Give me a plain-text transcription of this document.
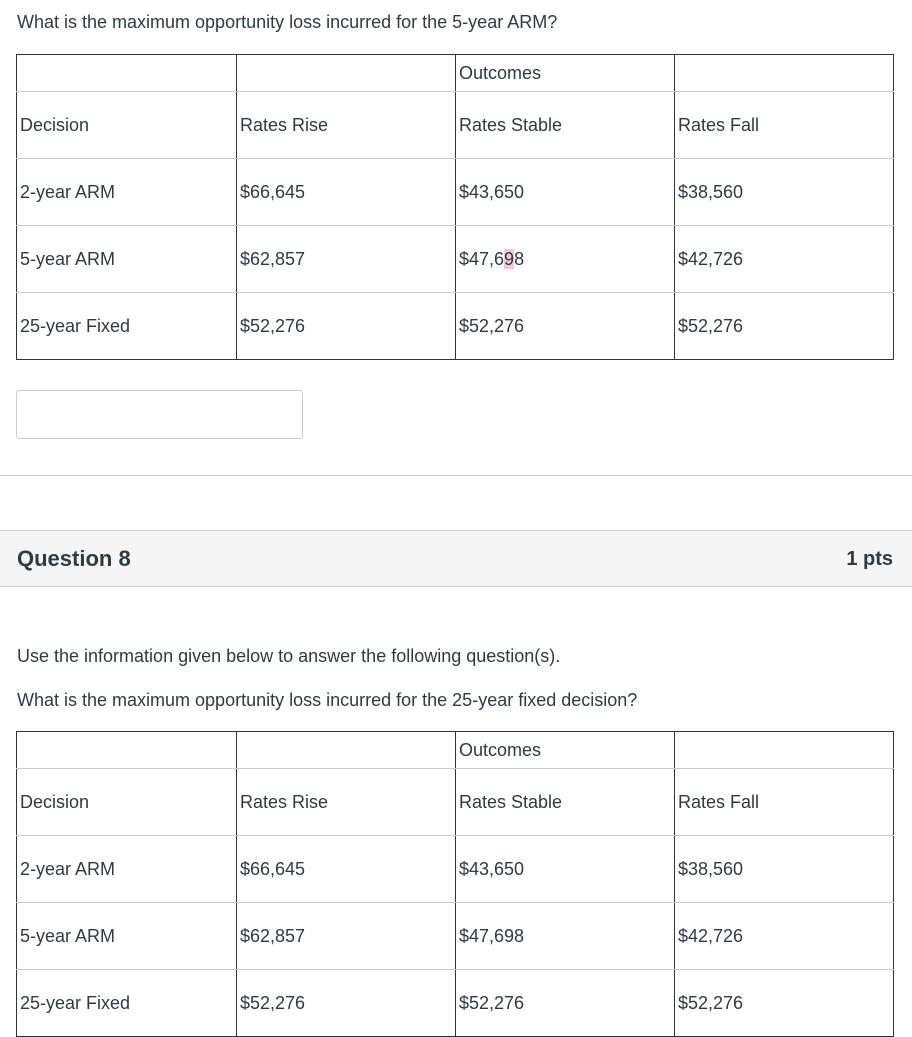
What is the maximum opportunity loss incurred for the 5-year ARM?
		Outcomes	
Decision	Rates Rise	Rates Stable	Rates Fall
2-year ARM	$66,645	$43,650	$38,560
5-year ARM	$62,857	$47,698	$42,726
25-year Fixed	$52,276	$52,276	$52,276
Question 8	1 pts
Use the information given below to answer the following question(s).
What is the maximum opportunity loss incurred for the 25-year fixed decision?
		Outcomes	
Decision	Rates Rise	Rates Stable	Rates Fall
2-year ARM	$66,645	$43,650	$38,560
5-year ARM	$62,857	$47,698	$42,726
25-year Fixed	$52,276	$52,276	$52,276
